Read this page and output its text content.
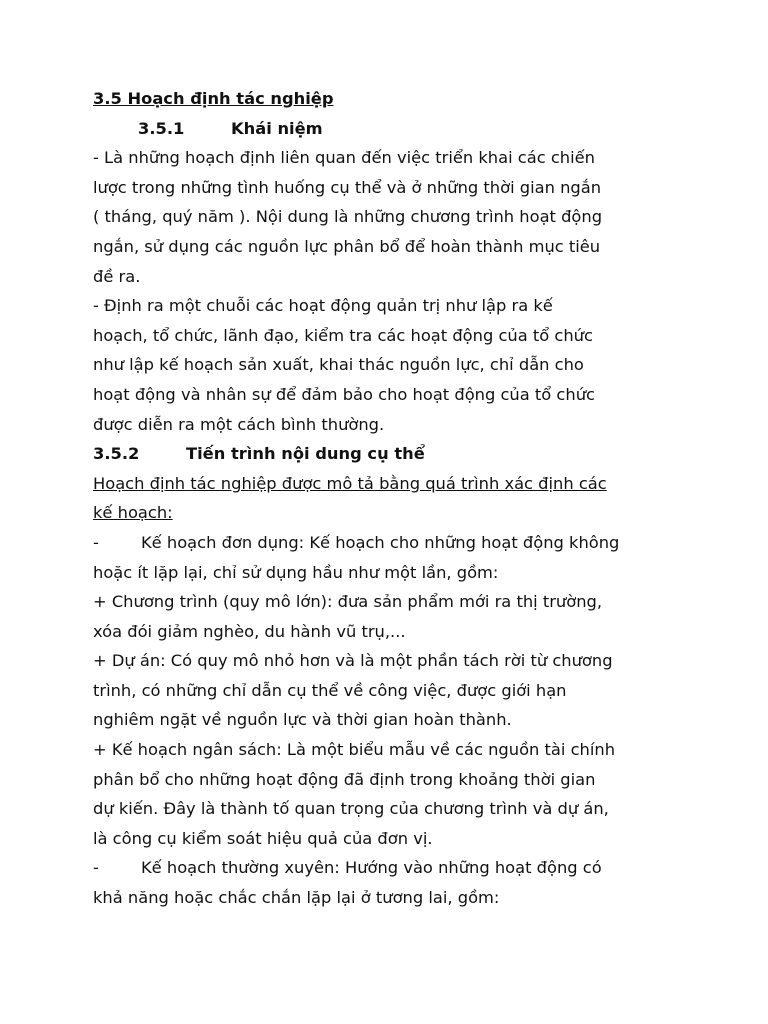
3.5 Hoạch định tác nghiệp
3.5.1	Khái niệm
- Là những hoạch định liên quan đến việc triển khai các chiến
lược trong những tình huống cụ thể và ở những thời gian ngắn
( tháng, quý năm ). Nội dung là những chương trình hoạt động
ngắn, sử dụng các nguồn lực phân bổ để hoàn thành mục tiêu
đề ra.
- Định ra một chuỗi các hoạt động quản trị như lập ra kế
hoạch, tổ chức, lãnh đạo, kiểm tra các hoạt động của tổ chức
như lập kế hoạch sản xuất, khai thác nguồn lực, chỉ dẫn cho
hoạt động và nhân sự để đảm bảo cho hoạt động của tổ chức
được diễn ra một cách bình thường.
3.5.2	Tiến trình nội dung cụ thể
Hoạch định tác nghiệp được mô tả bằng quá trình xác định các
kế hoạch:
-	Kế hoạch đơn dụng: Kế hoạch cho những hoạt động không
hoặc ít lặp lại, chỉ sử dụng hầu như một lần, gồm:
+ Chương trình (quy mô lớn): đưa sản phẩm mới ra thị trường,
xóa đói giảm nghèo, du hành vũ trụ,...
+ Dự án: Có quy mô nhỏ hơn và là một phần tách rời từ chương
trình, có những chỉ dẫn cụ thể về công việc, được giới hạn
nghiêm ngặt về nguồn lực và thời gian hoàn thành.
+ Kế hoạch ngân sách: Là một biểu mẫu về các nguồn tài chính
phân bổ cho những hoạt động đã định trong khoảng thời gian
dự kiến. Đây là thành tố quan trọng của chương trình và dự án,
là công cụ kiểm soát hiệu quả của đơn vị.
-	Kế hoạch thường xuyên: Hướng vào những hoạt động có
khả năng hoặc chắc chắn lặp lại ở tương lai, gồm:
